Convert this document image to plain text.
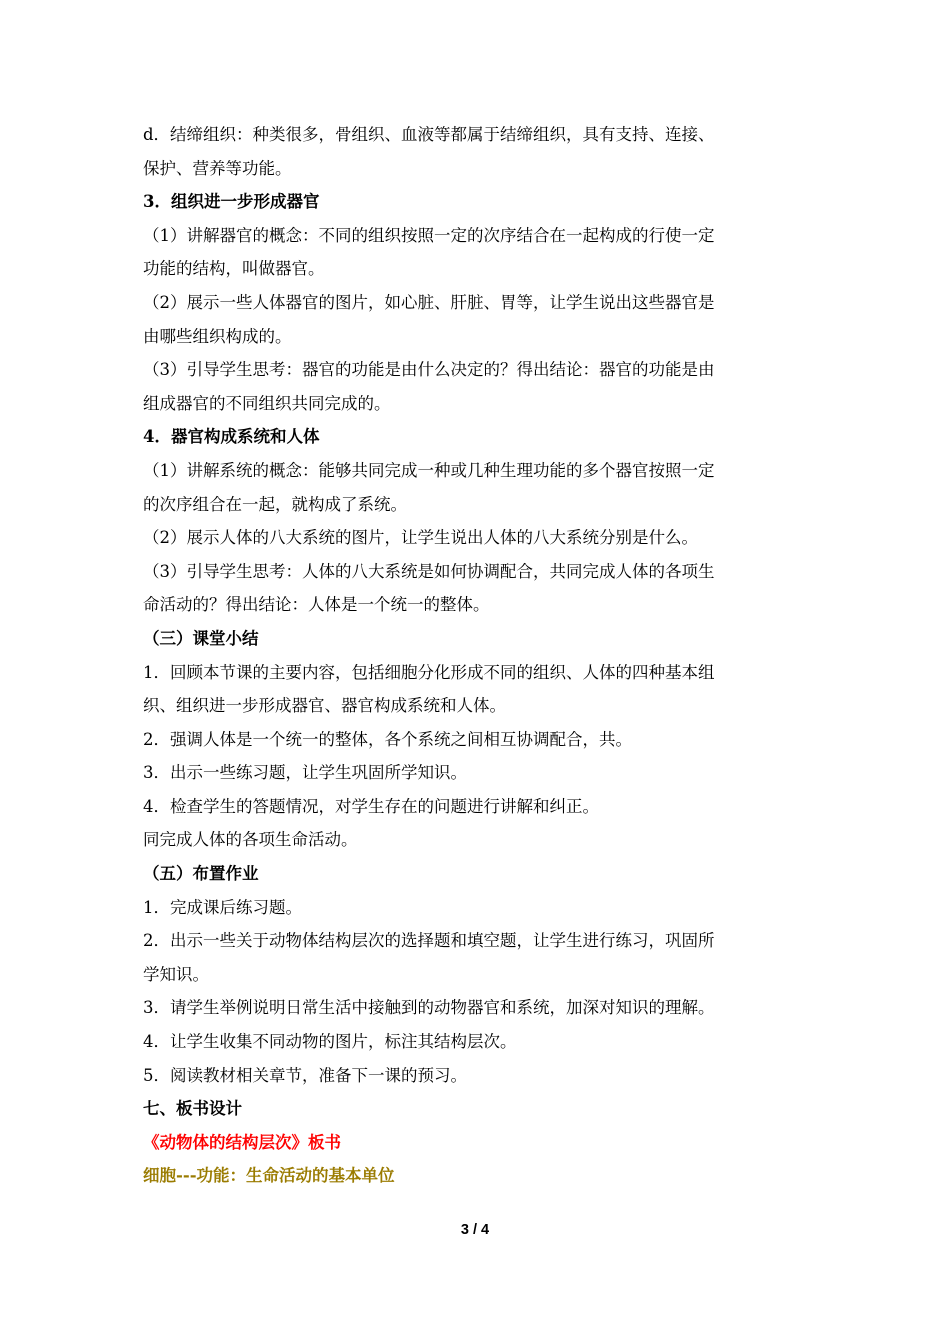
d．结缔组织：种类很多，骨组织、血液等都属于结缔组织，具有支持、连接、

保护、营养等功能。

3．组织进一步形成器官

（1）讲解器官的概念：不同的组织按照一定的次序结合在一起构成的行使一定

功能的结构，叫做器官。

（2）展示一些人体器官的图片，如心脏、肝脏、胃等，让学生说出这些器官是

由哪些组织构成的。

（3）引导学生思考：器官的功能是由什么决定的？得出结论：器官的功能是由

组成器官的不同组织共同完成的。

4．器官构成系统和人体

（1）讲解系统的概念：能够共同完成一种或几种生理功能的多个器官按照一定

的次序组合在一起，就构成了系统。

（2）展示人体的八大系统的图片，让学生说出人体的八大系统分别是什么。

（3）引导学生思考：人体的八大系统是如何协调配合，共同完成人体的各项生

命活动的？得出结论：人体是一个统一的整体。

（三）课堂小结

1．回顾本节课的主要内容，包括细胞分化形成不同的组织、人体的四种基本组

织、组织进一步形成器官、器官构成系统和人体。

2．强调人体是一个统一的整体，各个系统之间相互协调配合，共。

3．出示一些练习题，让学生巩固所学知识。

4．检查学生的答题情况，对学生存在的问题进行讲解和纠正。

同完成人体的各项生命活动。

（五）布置作业

1．完成课后练习题。

2．出示一些关于动物体结构层次的选择题和填空题，让学生进行练习，巩固所

学知识。

3．请学生举例说明日常生活中接触到的动物器官和系统，加深对知识的理解。

4．让学生收集不同动物的图片，标注其结构层次。

5．阅读教材相关章节，准备下一课的预习。

七、板书设计

《动物体的结构层次》板书

细胞---功能：生命活动的基本单位

3 / 4
